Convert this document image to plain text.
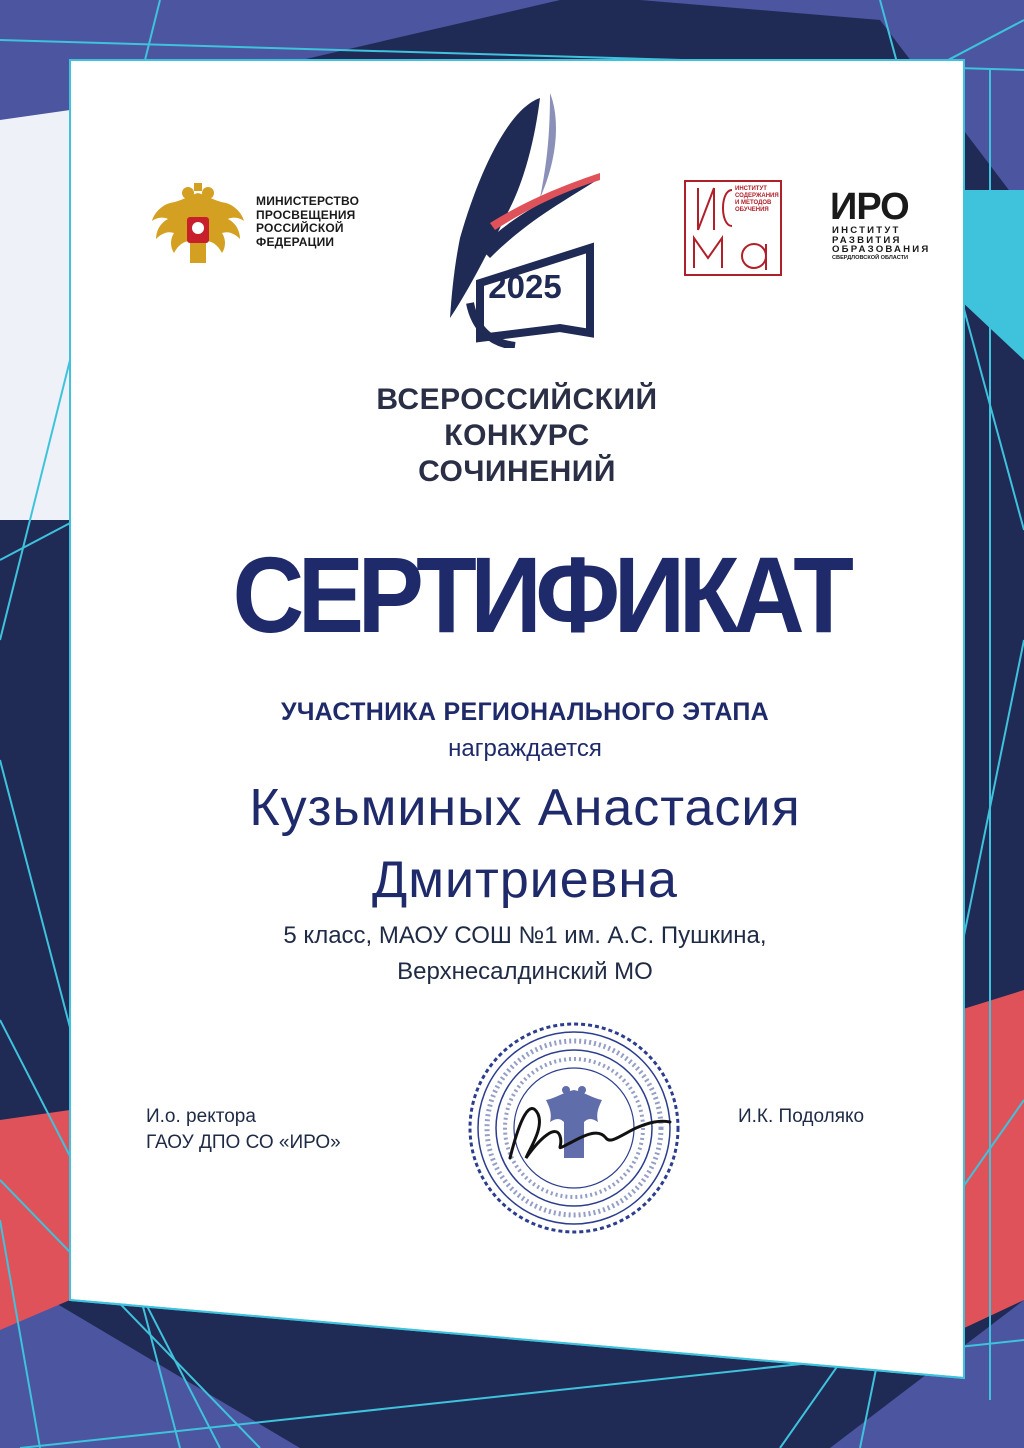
МИНИСТЕРСТВО
ПРОСВЕЩЕНИЯ
РОССИЙСКОЙ
ФЕДЕРАЦИИ
2025
ИНСТИТУТ
СОДЕРЖАНИЯ
И МЕТОДОВ
ОБУЧЕНИЯ ИРО
ИНСТИТУТ
РАЗВИТИЯ
ОБРАЗОВАНИЯ
СВЕРДЛОВСКОЙ ОБЛАСТИ
ВСЕРОССИЙСКИЙ
КОНКУРС
СОЧИНЕНИЙ
СЕРТИФИКАТ
УЧАСТНИКА РЕГИОНАЛЬНОГО ЭТАПА
награждается
Кузьминых Анастасия
Дмитриевна
5 класс, МАОУ СОШ №1 им. А.С. Пушкина,
Верхнесалдинский МО
И.о. ректора
ГАОУ ДПО СО «ИРО»
И.К. Подоляко
